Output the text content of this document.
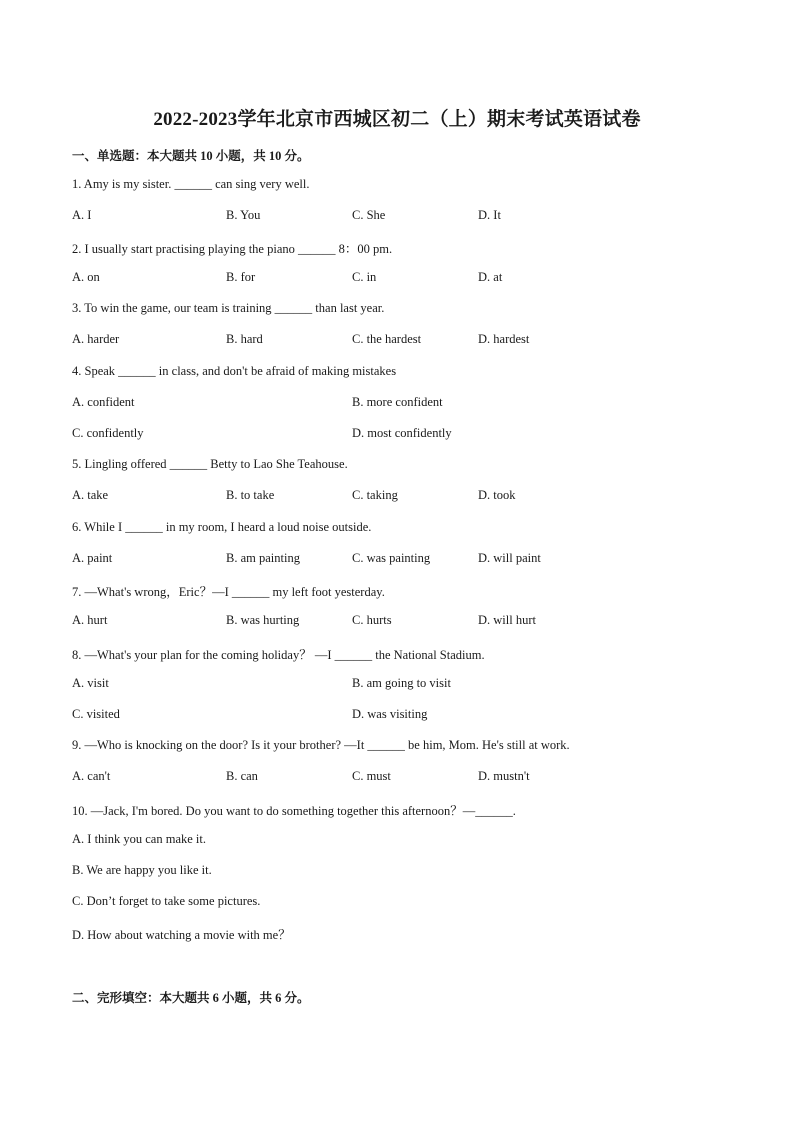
2022-2023学年北京市西城区初二（上）期末考试英语试卷
一、单选题：本大题共 10 小题，共 10 分。
1. Amy is my sister. ______ can sing very well.
A. I	B. You	C. She	D. It
2. I usually start practising playing the piano ______ 8：00 pm.
A. on	B. for	C. in	D. at
3. To win the game, our team is training ______ than last year.
A. harder	B. hard	C. the hardest	D. hardest
4. Speak ______ in class, and don't be afraid of making mistakes
A. confident	B. more confident
C. confidently	D. most confidently
5. Lingling offered ______ Betty to Lao She Teahouse.
A. take	B. to take	C. taking	D. took
6. While I ______ in my room, I heard a loud noise outside.
A. paint	B. am painting	C. was painting	D. will paint
7. —What's wrong，Eric？—I ______ my left foot yesterday.
A. hurt	B. was hurting	C. hurts	D. will hurt
8. —What's your plan for the coming holiday？ —I ______ the National Stadium.
A. visit	B. am going to visit
C. visited	D. was visiting
9. —Who is knocking on the door? Is it your brother? —It ______ be him, Mom. He's still at work.
A. can't	B. can	C. must	D. mustn't
10. —Jack, I'm bored. Do you want to do something together this afternoon？—______.
A. I think you can make it.
B. We are happy you like it.
C. Don’t forget to take some pictures.
D. How about watching a movie with me？
二、完形填空：本大题共 6 小题，共 6 分。
